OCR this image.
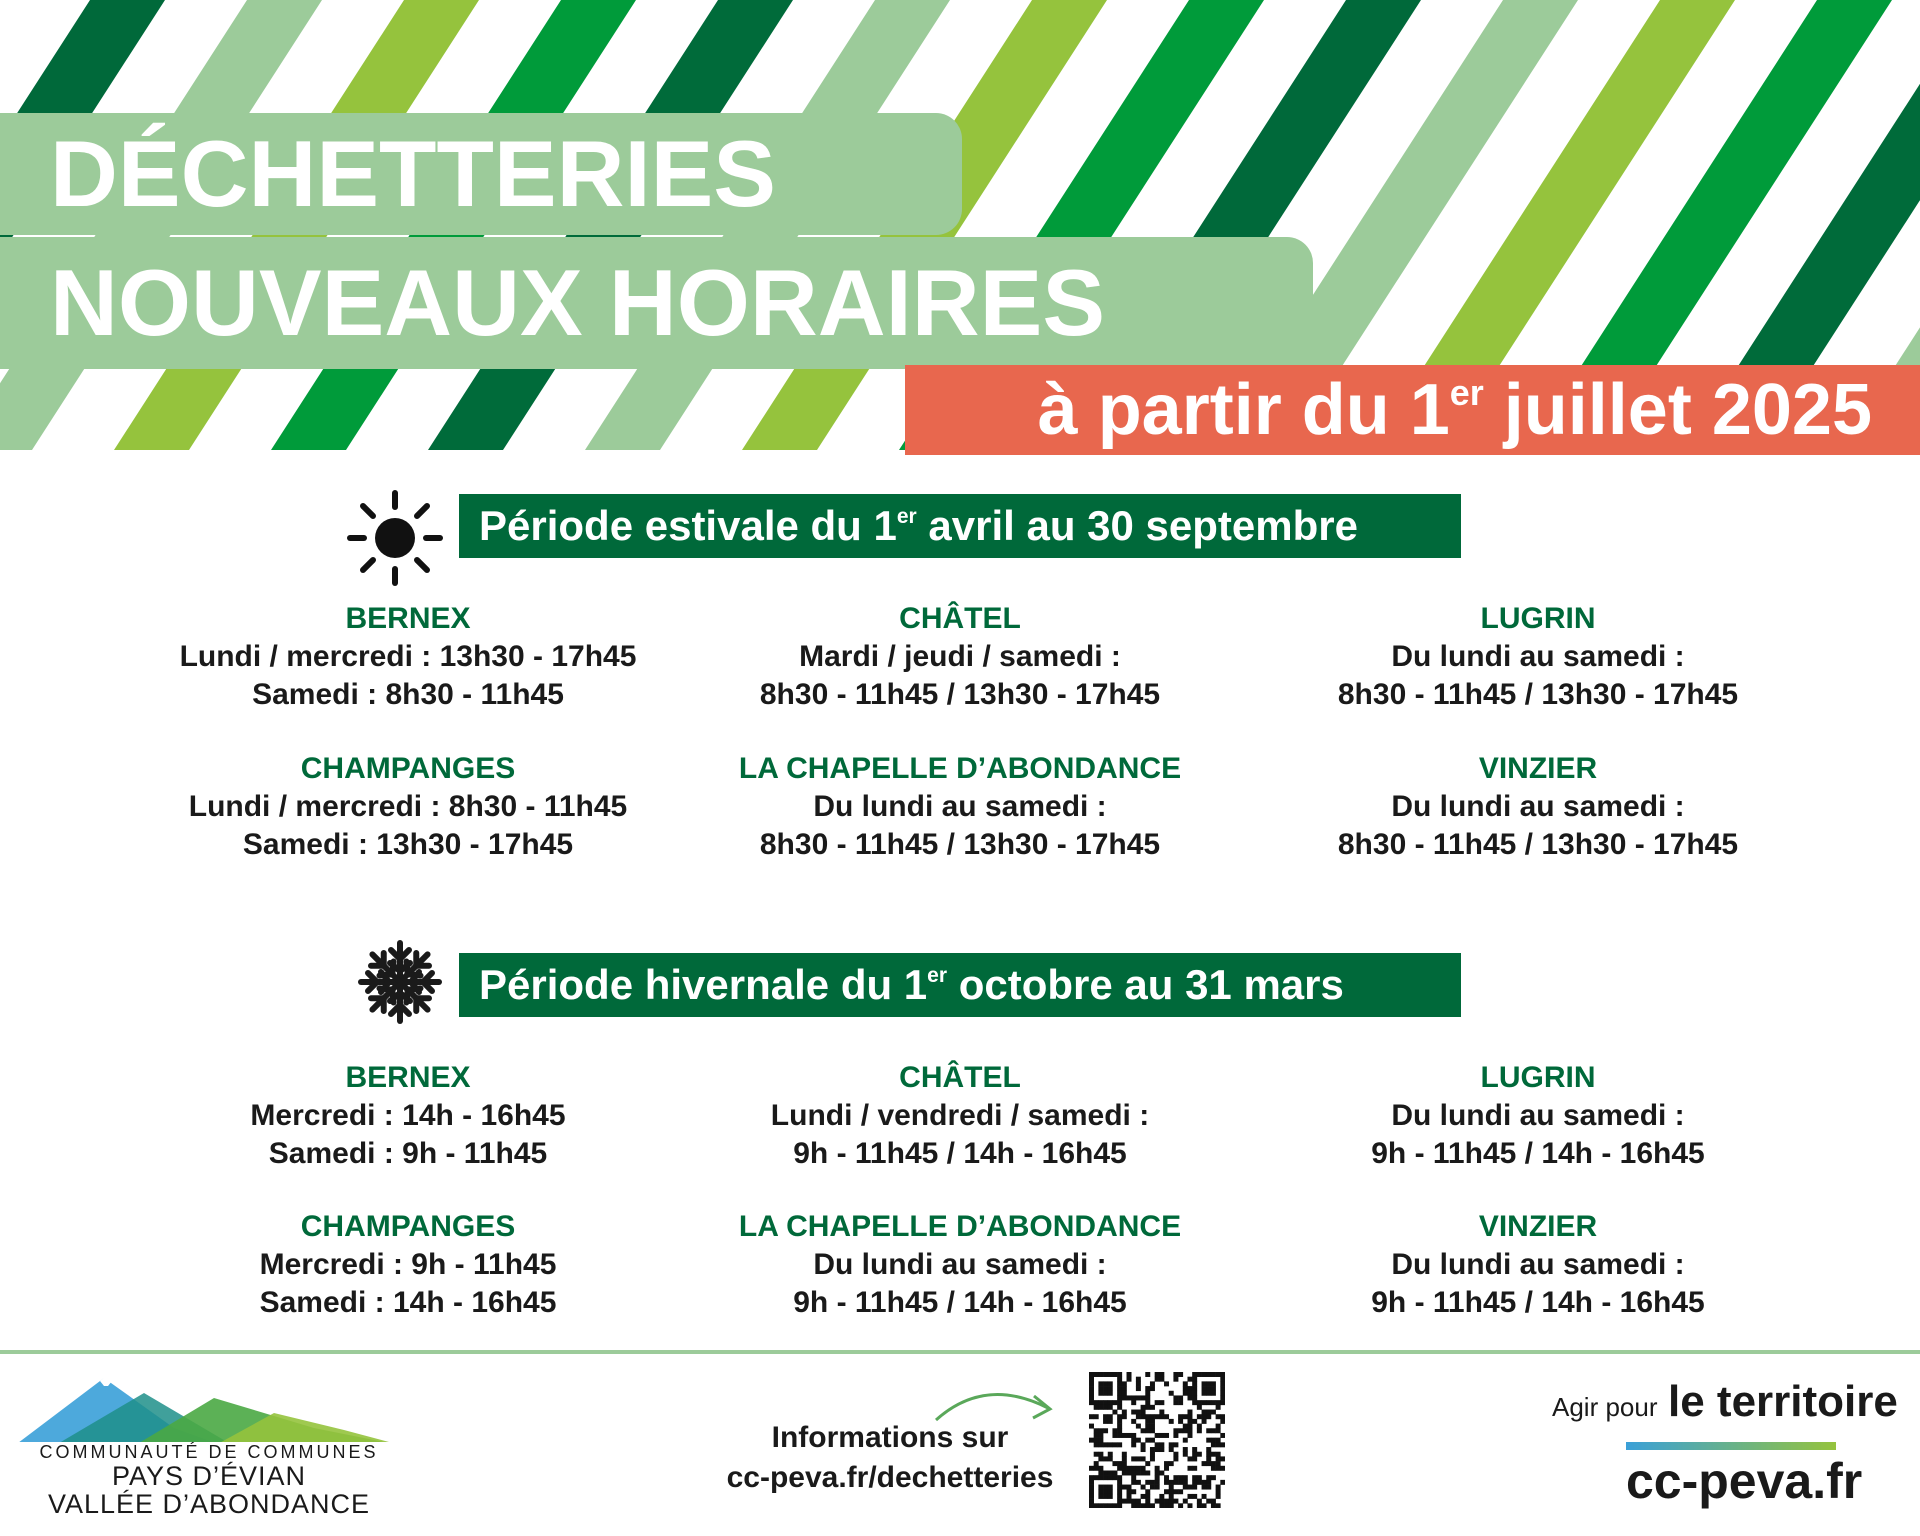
DÉCHETTERIES
NOUVEAUX HORAIRES
à partir du 1er juillet 2025
Période estivale du 1er avril au 30 septembre
BERNEX
Lundi / mercredi : 13h30 - 17h45
Samedi : 8h30 - 11h45
CHÂTEL
Mardi / jeudi / samedi :
8h30 - 11h45 / 13h30 - 17h45
LUGRIN
Du lundi au samedi :
8h30 - 11h45 / 13h30 - 17h45
CHAMPANGES
Lundi / mercredi : 8h30 - 11h45
Samedi : 13h30 - 17h45
LA CHAPELLE D’ABONDANCE
Du lundi au samedi :
8h30 - 11h45 / 13h30 - 17h45
VINZIER
Du lundi au samedi :
8h30 - 11h45 / 13h30 - 17h45
Période hivernale du 1er octobre au 31 mars
BERNEX
Mercredi : 14h - 16h45
Samedi : 9h - 11h45
CHÂTEL
Lundi / vendredi / samedi :
9h - 11h45 / 14h - 16h45
LUGRIN
Du lundi au samedi :
9h - 11h45 / 14h - 16h45
CHAMPANGES
Mercredi : 9h - 11h45
Samedi : 14h - 16h45
LA CHAPELLE D’ABONDANCE
Du lundi au samedi :
9h - 11h45 / 14h - 16h45
VINZIER
Du lundi au samedi :
9h - 11h45 / 14h - 16h45
COMMUNAUTÉ DE COMMUNES
PAYS D’ÉVIAN
VALLÉE D’ABONDANCE
Informations sur
cc-peva.fr/dechetteries
Agir pour le territoire
cc-peva.fr
